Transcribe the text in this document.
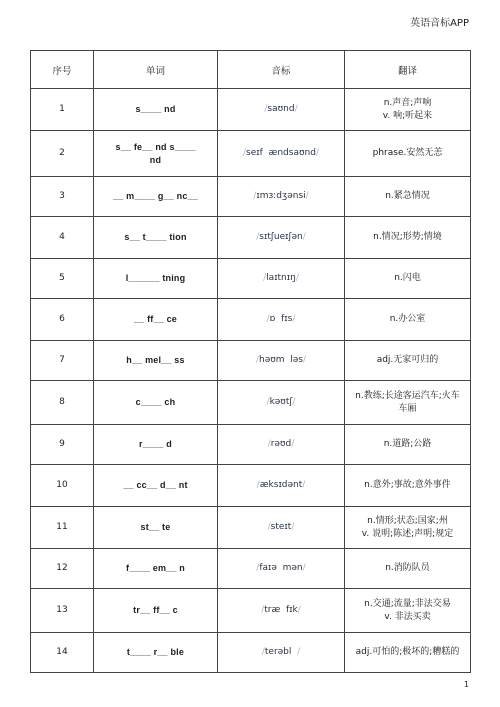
英语音标APP
序号	单词	音标	翻译
1	s____ nd	/saʊnd/	n.声音;声响
v. 响;听起来
2	s__ fe__ nd s____
nd	/seɪf  ændsaʊnd/	phrase.安然无恙
3	__ m____ g__ nc__	/ɪmɜːdʒənsi/	n.紧急情况
4	s__ t____ tion	/sɪtʃueɪʃən/	n.情况;形势;情境
5	l______ tning	/laɪtnɪŋ/	n.闪电
6	__ ff__ ce	/ɒ  fɪs/	n.办公室
7	h__ mel__ ss	/həʊm  ləs/	adj.无家可归的
8	c____ ch	/kəʊtʃ/	n.教练;长途客运汽车;火车
车厢
9	r____ d	/rəʊd/	n.道路;公路
10	__ cc__ d__ nt	/æksɪdənt/	n.意外;事故;意外事件
11	st__ te	/steɪt/	n.情形;状态;国家;州
v. 说明;陈述;声明;规定
12	f____ em__ n	/faɪə  mən/	n.消防队员
13	tr__ ff__ c	/træ  fɪk/	n.交通;流量;非法交易
v. 非法买卖
14	t____ r__ ble	/terəbl  /	adj.可怕的;极坏的;糟糕的
1
